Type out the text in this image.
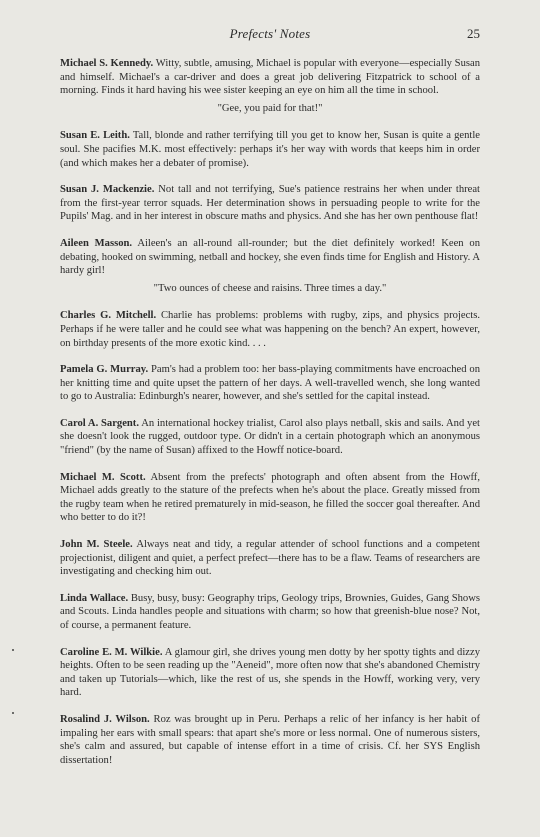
Prefects' Notes	25

Michael S. Kennedy. Witty, subtle, amusing, Michael is popular with everyone—especially Susan and himself. Michael's a car-driver and does a great job delivering Fitzpatrick to school of a morning. Finds it hard having his wee sister keeping an eye on him all the time in school.

"Gee, you paid for that!"

Susan E. Leith. Tall, blonde and rather terrifying till you get to know her, Susan is quite a gentle soul. She pacifies M.K. most effectively: perhaps it's her way with words that keeps him in order (and which makes her a debater of promise).

Susan J. Mackenzie. Not tall and not terrifying, Sue's patience restrains her when under threat from the first-year terror squads. Her determination shows in persuading people to write for the Pupils' Mag. and in her interest in obscure maths and physics. And she has her own penthouse flat!

Aileen Masson. Aileen's an all-round all-rounder; but the diet definitely worked! Keen on debating, hooked on swimming, netball and hockey, she even finds time for English and History. A hardy girl!

"Two ounces of cheese and raisins. Three times a day."

Charles G. Mitchell. Charlie has problems: problems with rugby, zips, and physics projects. Perhaps if he were taller and he could see what was happening on the bench? An expert, however, on birthday presents of the more exotic kind. . . .

Pamela G. Murray. Pam's had a problem too: her bass-playing commitments have encroached on her knitting time and quite upset the pattern of her days. A well-travelled wench, she long wanted to go to Australia: Edinburgh's nearer, however, and she's settled for the capital instead.

Carol A. Sargent. An international hockey trialist, Carol also plays netball, skis and sails. And yet she doesn't look the rugged, outdoor type. Or didn't in a certain photograph which an anonymous "friend" (by the name of Susan) affixed to the Howff notice-board.

Michael M. Scott. Absent from the prefects' photograph and often absent from the Howff, Michael adds greatly to the stature of the prefects when he's about the place. Greatly missed from the rugby team when he retired prematurely in mid-season, he filled the soccer goal thereafter. And who better to do it?!

John M. Steele. Always neat and tidy, a regular attender of school functions and a competent projectionist, diligent and quiet, a perfect prefect—there has to be a flaw. Teams of researchers are investigating and checking him out.

Linda Wallace. Busy, busy, busy: Geography trips, Geology trips, Brownies, Guides, Gang Shows and Scouts. Linda handles people and situations with charm; so how that greenish-blue nose? Not, of course, a permanent feature.

Caroline E. M. Wilkie. A glamour girl, she drives young men dotty by her spotty tights and dizzy heights. Often to be seen reading up the "Aeneid", more often now that she's abandoned Chemistry and taken up Tutorials—which, like the rest of us, she spends in the Howff, working very, very hard.

Rosalind J. Wilson. Roz was brought up in Peru. Perhaps a relic of her infancy is her habit of impaling her ears with small spears: that apart she's more or less normal. One of numerous sisters, she's calm and assured, but capable of intense effort in a time of crisis. Cf. her SYS English dissertation!
